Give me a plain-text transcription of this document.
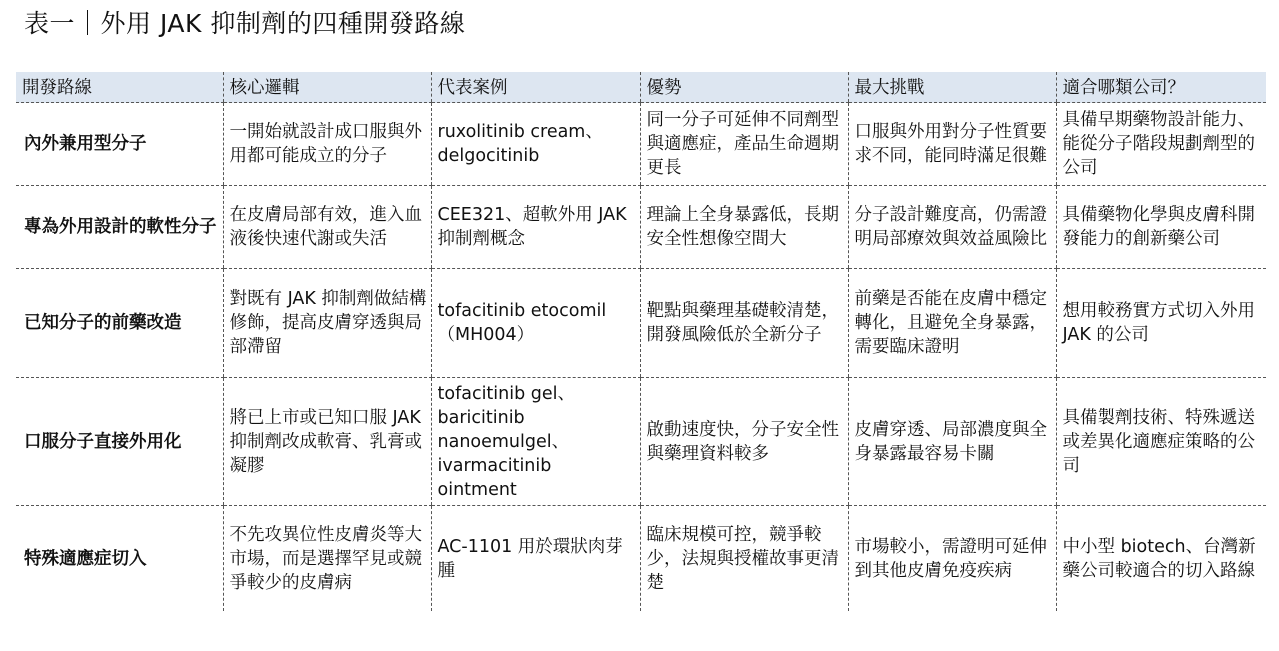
表一｜外用 JAK 抑制劑的四種開發路線
開發路線	核心邏輯	代表案例	優勢	最大挑戰	適合哪類公司？
內外兼用型分子	一開始就設計成口服與外用都可能成立的分子	ruxolitinib cream、delgocitinib	同一分子可延伸不同劑型與適應症，產品生命週期更長	口服與外用對分子性質要求不同，能同時滿足很難	具備早期藥物設計能力、能從分子階段規劃劑型的公司
專為外用設計的軟性分子	在皮膚局部有效，進入血液後快速代謝或失活	CEE321、超軟外用 JAK 抑制劑概念	理論上全身暴露低，長期安全性想像空間大	分子設計難度高，仍需證明局部療效與效益風險比	具備藥物化學與皮膚科開發能力的創新藥公司
已知分子的前藥改造	對既有 JAK 抑制劑做結構修飾，提高皮膚穿透與局部滯留	tofacitinib etocomil（MH004）	靶點與藥理基礎較清楚，開發風險低於全新分子	前藥是否能在皮膚中穩定轉化，且避免全身暴露，需要臨床證明	想用較務實方式切入外用 JAK 的公司
口服分子直接外用化	將已上市或已知口服 JAK 抑制劑改成軟膏、乳膏或凝膠	tofacitinib gel、baricitinib nanoemulgel、ivarmacitinib ointment	啟動速度快，分子安全性與藥理資料較多	皮膚穿透、局部濃度與全身暴露最容易卡關	具備製劑技術、特殊遞送或差異化適應症策略的公司
特殊適應症切入	不先攻異位性皮膚炎等大市場，而是選擇罕見或競爭較少的皮膚病	AC-1101 用於環狀肉芽腫	臨床規模可控，競爭較少，法規與授權故事更清楚	市場較小，需證明可延伸到其他皮膚免疫疾病	中小型 biotech、台灣新藥公司較適合的切入路線
